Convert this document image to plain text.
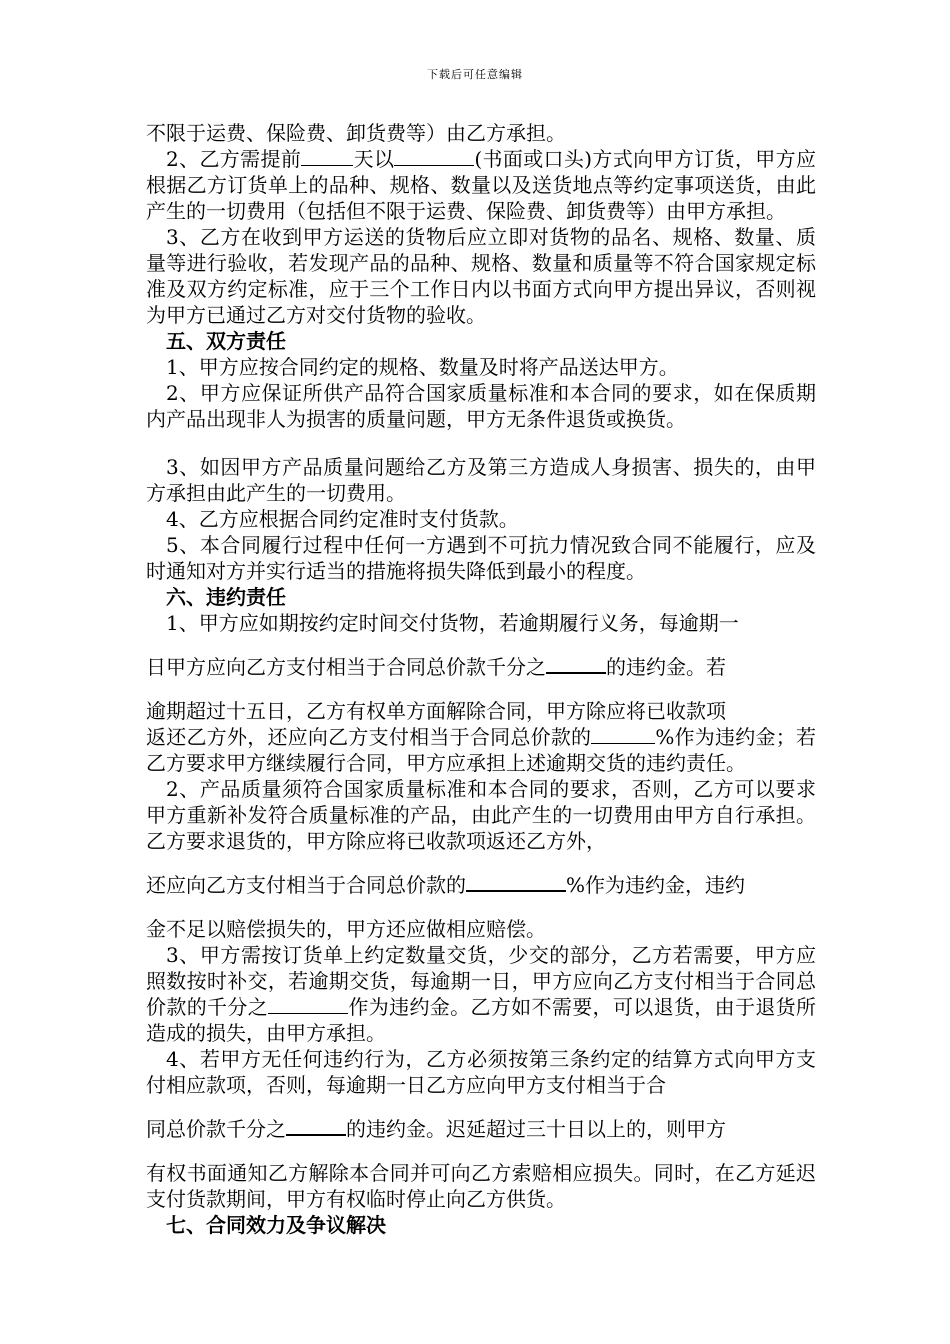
下载后可任意编辑

不限于运费、保险费、卸货费等）由乙方承担。

2、乙方需提前	天以	(书面或口头)方式向甲方订货，甲方应根据乙方订货单上的品种、规格、数量以及送货地点等约定事项送货，由此产生的一切费用（包括但不限于运费、保险费、卸货费等）由甲方承担。

3、乙方在收到甲方运送的货物后应立即对货物的品名、规格、数量、质量等进行验收，若发现产品的品种、规格、数量和质量等不符合国家规定标准及双方约定标准，应于三个工作日内以书面方式向甲方提出异议，否则视为甲方已通过乙方对交付货物的验收。

五、双方责任

1、甲方应按合同约定的规格、数量及时将产品送达甲方。

2、甲方应保证所供产品符合国家质量标准和本合同的要求，如在保质期内产品出现非人为损害的质量问题，甲方无条件退货或换货。

3、如因甲方产品质量问题给乙方及第三方造成人身损害、损失的，由甲方承担由此产生的一切费用。

4、乙方应根据合同约定准时支付货款。

5、本合同履行过程中任何一方遇到不可抗力情况致合同不能履行，应及时通知对方并实行适当的措施将损失降低到最小的程度。

六、违约责任

1、甲方应如期按约定时间交付货物，若逾期履行义务，每逾期一

日甲方应向乙方支付相当于合同总价款千分之	的违约金。若

逾期超过十五日，乙方有权单方面解除合同，甲方除应将已收款项

返还乙方外，还应向乙方支付相当于合同总价款的	%作为违约金；若乙方要求甲方继续履行合同，甲方应承担上述逾期交货的违约责任。

2、产品质量须符合国家质量标准和本合同的要求，否则，乙方可以要求甲方重新补发符合质量标准的产品，由此产生的一切费用由甲方自行承担。乙方要求退货的，甲方除应将已收款项返还乙方外，

还应向乙方支付相当于合同总价款的	%作为违约金，违约

金不足以赔偿损失的，甲方还应做相应赔偿。

3、甲方需按订货单上约定数量交货，少交的部分，乙方若需要，甲方应照数按时补交，若逾期交货，每逾期一日，甲方应向乙方支付相当于合同总价款的千分之	作为违约金。乙方如不需要，可以退货，由于退货所造成的损失，由甲方承担。

4、若甲方无任何违约行为，乙方必须按第三条约定的结算方式向甲方支付相应款项，否则，每逾期一日乙方应向甲方支付相当于合

同总价款千分之	的违约金。迟延超过三十日以上的，则甲方

有权书面通知乙方解除本合同并可向乙方索赔相应损失。同时，在乙方延迟支付货款期间，甲方有权临时停止向乙方供货。

七、合同效力及争议解决
